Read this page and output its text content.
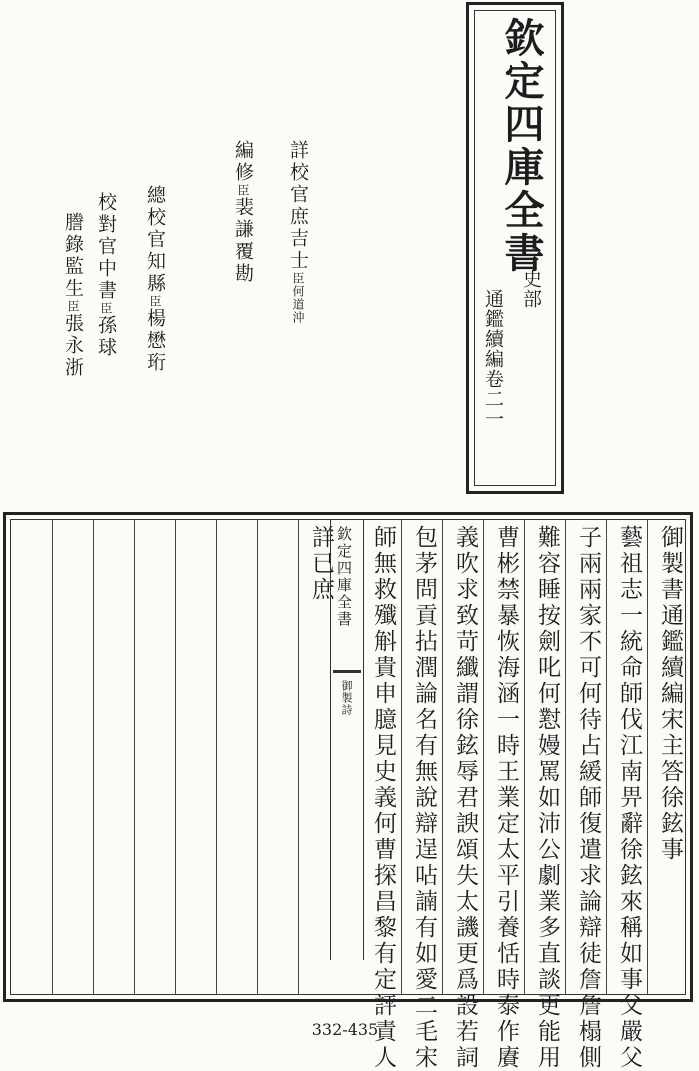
欽定四庫全書
史部
通鑑續編卷二一
詳校官庶吉士臣何道沖
編修臣裴謙覆勘
總校官知縣臣楊懋珩
校對官中書臣孫球
謄錄監生臣張永浙
御製書通鑑續編宋主答徐鉉事
藝祖志一統命師伐江南畀辭徐鉉來稱如事父嚴父
子兩兩家不可何待占緩師復遣求論辯徒詹詹榻側
難容睡按劍叱何懟嫚罵如沛公劇業多直談更能用
曹彬禁暴恢海涵一時王業定太平引養恬時泰作賡
義吹求致苛纖謂徐鉉辱君諛頌失太譏更爲設若詞
包茅問貢拈潤論名有無說辯逞呫諵有如愛二毛宋
師無救殲斛貴申臆見史義何曹探昌黎有定評責人
詳已庶 欽定四庫全書
御製詩
332-435
